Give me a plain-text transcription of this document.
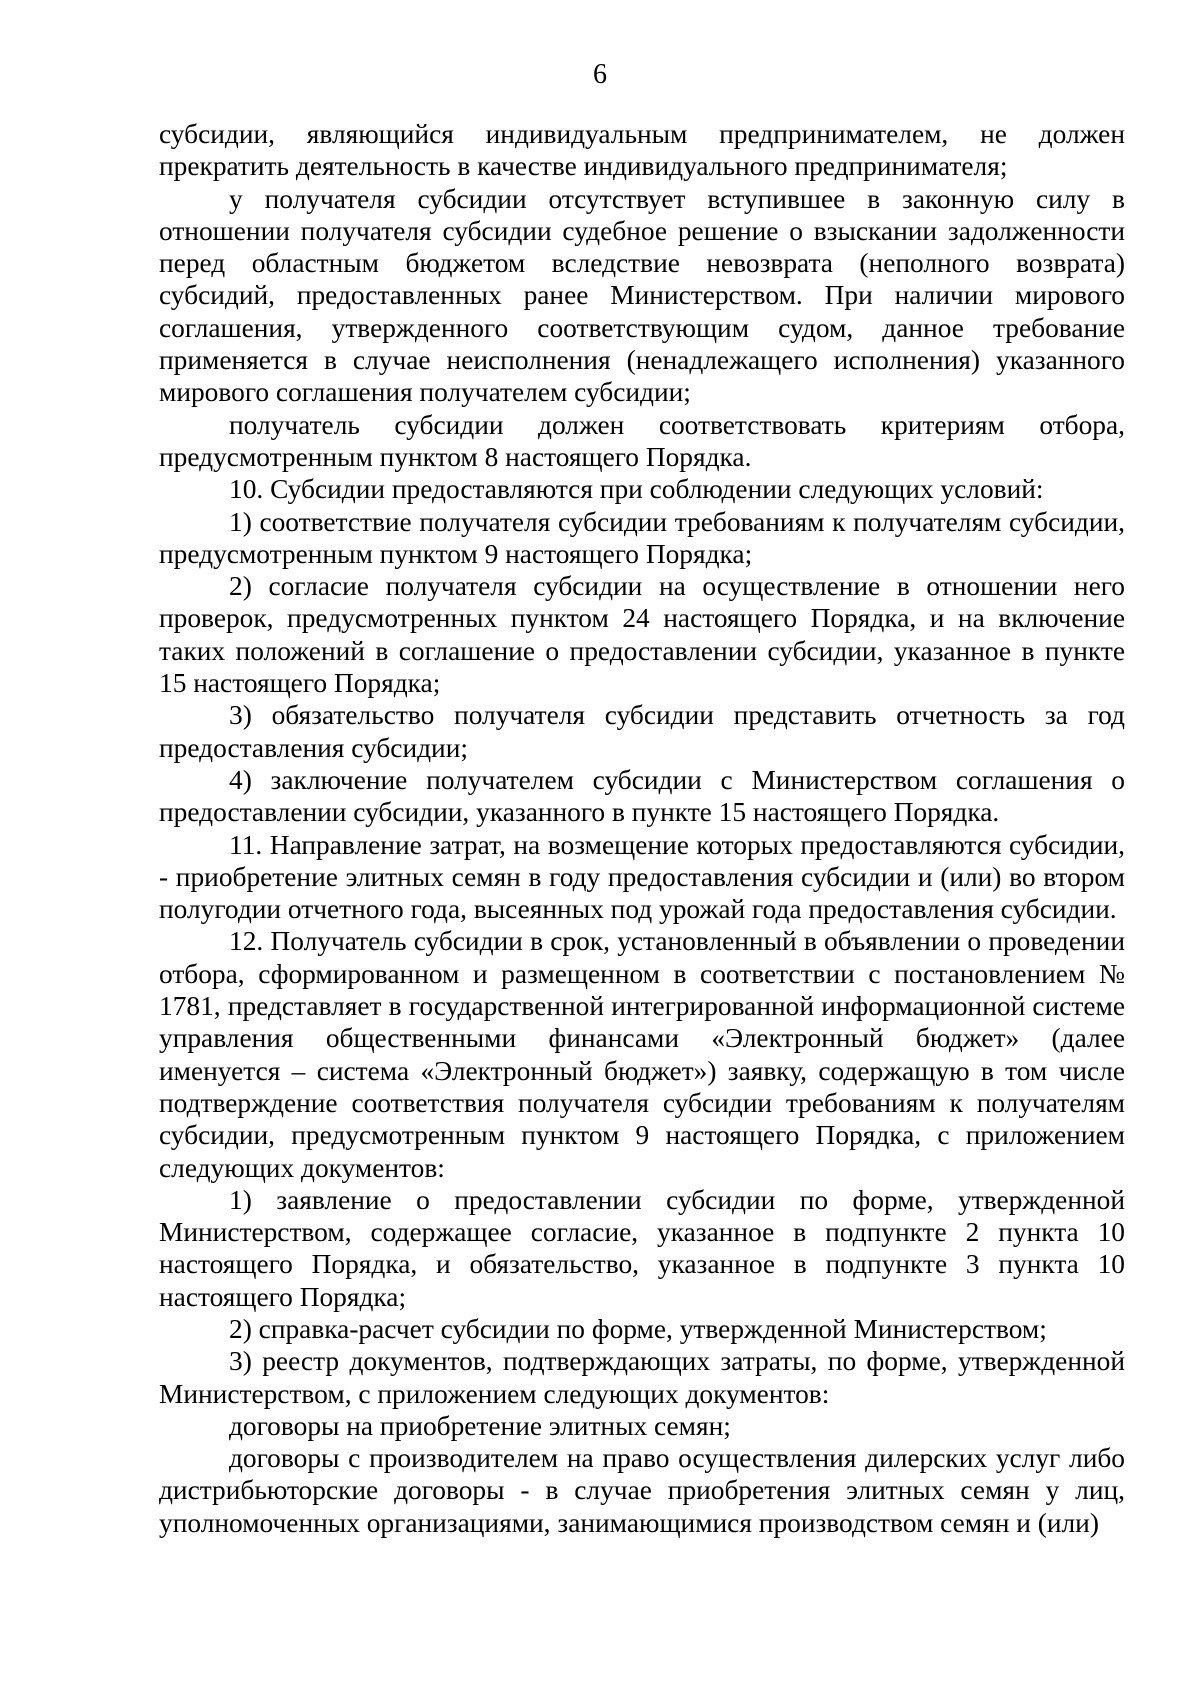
6

субсидии, являющийся индивидуальным предпринимателем, не должен прекратить деятельность в качестве индивидуального предпринимателя;

у получателя субсидии отсутствует вступившее в законную силу в отношении получателя субсидии судебное решение о взыскании задолженности перед областным бюджетом вследствие невозврата (неполного возврата) субсидий, предоставленных ранее Министерством. При наличии мирового соглашения, утвержденного соответствующим судом, данное требование применяется в случае неисполнения (ненадлежащего исполнения) указанного мирового соглашения получателем субсидии;

получатель субсидии должен соответствовать критериям отбора, предусмотренным пунктом 8 настоящего Порядка.

10. Субсидии предоставляются при соблюдении следующих условий:

1) соответствие получателя субсидии требованиям к получателям субсидии, предусмотренным пунктом 9 настоящего Порядка;

2) согласие получателя субсидии на осуществление в отношении него проверок, предусмотренных пунктом 24 настоящего Порядка, и на включение таких положений в соглашение о предоставлении субсидии, указанное в пункте 15 настоящего Порядка;

3) обязательство получателя субсидии представить отчетность за год предоставления субсидии;

4) заключение получателем субсидии с Министерством соглашения о предоставлении субсидии, указанного в пункте 15 настоящего Порядка.

11. Направление затрат, на возмещение которых предоставляются субсидии, - приобретение элитных семян в году предоставления субсидии и (или) во втором полугодии отчетного года, высеянных под урожай года предоставления субсидии.

12. Получатель субсидии в срок, установленный в объявлении о проведении отбора, сформированном и размещенном в соответствии с постановлением № 1781, представляет в государственной интегрированной информационной системе управления общественными финансами «Электронный бюджет» (далее именуется – система «Электронный бюджет») заявку, содержащую в том числе подтверждение соответствия получателя субсидии требованиям к получателям субсидии, предусмотренным пунктом 9 настоящего Порядка, с приложением следующих документов:

1) заявление о предоставлении субсидии по форме, утвержденной Министерством, содержащее согласие, указанное в подпункте 2 пункта 10 настоящего Порядка, и обязательство, указанное в подпункте 3 пункта 10 настоящего Порядка;

2) справка-расчет субсидии по форме, утвержденной Министерством;

3) реестр документов, подтверждающих затраты, по форме, утвержденной Министерством, с приложением следующих документов:

договоры на приобретение элитных семян;

договоры с производителем на право осуществления дилерских услуг либо дистрибьюторские договоры - в случае приобретения элитных семян у лиц, уполномоченных организациями, занимающимися производством семян и (или)
